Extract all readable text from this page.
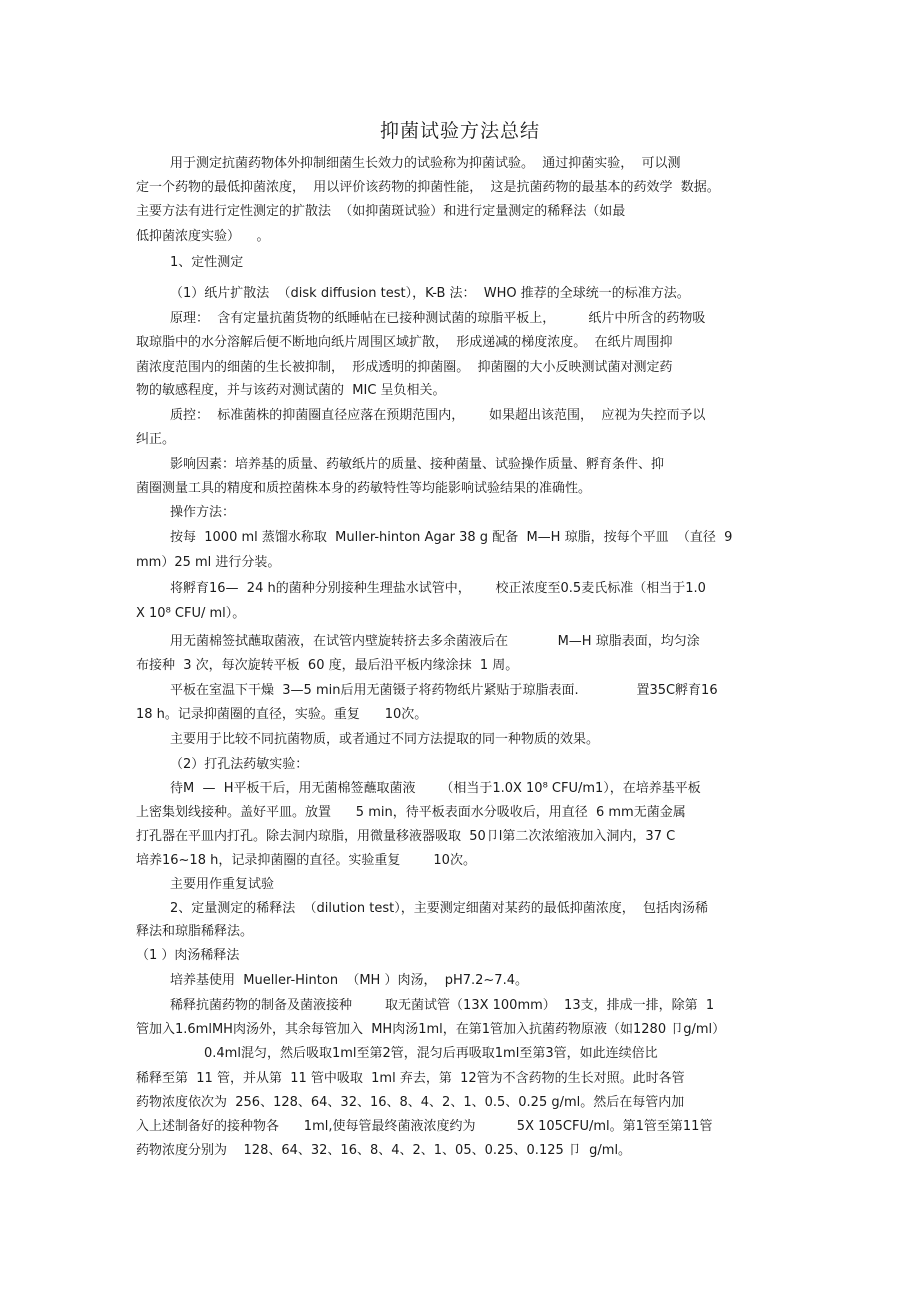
抑菌试验方法总结
用于测定抗菌药物体外抑制细菌生长效力的试验称为抑菌试验。  通过抑菌实验，  可以测
定一个药物的最低抑菌浓度，  用以评价该药物的抑菌性能，  这是抗菌药物的最基本的药效学  数据。
主要方法有进行定性测定的扩散法  （如抑菌斑试验）和进行定量测定的稀释法（如最
低抑菌浓度实验）    。
1、定性测定
（1）纸片扩散法  （disk diffusion test），K-B 法：  WHO 推荐的全球统一的标准方法。
原理：  含有定量抗菌货物的纸睡帖在已接种测试菌的琼脂平板上，        纸片中所含的药物吸
取琼脂中的水分溶解后便不断地向纸片周围区域扩散，  形成递减的梯度浓度。  在纸片周围抑
菌浓度范围内的细菌的生长被抑制，  形成透明的抑菌圈。  抑菌圈的大小反映测试菌对测定药
物的敏感程度，并与该药对测试菌的  MIC 呈负相关。
质控：  标准菌株的抑菌圈直径应落在预期范围内，      如果超出该范围，  应视为失控而予以
纠正。
影响因素：培养基的质量、药敏纸片的质量、接种菌量、试验操作质量、孵育条件、抑
菌圈测量工具的精度和质控菌株本身的药敏特性等均能影响试验结果的准确性。
操作方法：
按每  1000 ml 蒸馏水称取  Muller-hinton Agar 38 g 配备  M—H 琼脂，按每个平皿  （直径  9
mm）25 ml 进行分装。
将孵育16—  24 h的菌种分别接种生理盐水试管中，      校正浓度至0.5麦氏标准（相当于1.0
X 10⁸ CFU/ ml）。
用无菌棉签拭蘸取菌液，在试管内壁旋转挤去多余菌液后在            M—H 琼脂表面，均匀涂
布接种  3 次，每次旋转平板  60 度，最后沿平板内缘涂抹  1 周。
平板在室温下干燥  3—5 min后用无菌镊子将药物纸片紧贴于琼脂表面.              置35C孵育16
18 h。记录抑菌圈的直径，实验。重复      10次。
主要用于比较不同抗菌物质，或者通过不同方法提取的同一种物质的效果。
（2）打孔法药敏实验：
待M  —  H平板干后，用无菌棉签蘸取菌液      （相当于1.0X 10⁸ CFU/m1），在培养基平板
上密集划线接种。盖好平皿。放置      5 min，待平板表面水分吸收后，用直径  6 mm无菌金属
打孔器在平皿内打孔。除去洞内琼脂，用微量移液器吸取  50卩l第二次浓缩液加入洞内，37 C
培养16~18 h，记录抑菌圈的直径。实验重复        10次。
主要用作重复试验
2、定量测定的稀释法  （dilution test），主要测定细菌对某药的最低抑菌浓度，  包括肉汤稀
释法和琼脂稀释法。
（1 ）肉汤稀释法
培养基使用  Mueller-Hinton  （MH ）肉汤，  pH7.2~7.4。
稀释抗菌药物的制备及菌液接种        取无菌试管（13X 100mm）  13支，排成一排，除第  1
管加入1.6mlMH肉汤外，其余每管加入  MH肉汤1ml，在第1管加入抗菌药物原液（如1280 卩g/ml）
0.4ml混匀，然后吸取1ml至第2管，混匀后再吸取1ml至第3管，如此连续倍比
稀释至第  11 管，并从第  11 管中吸取  1ml 弃去，第  12管为不含药物的生长对照。此时各管
药物浓度依次为  256、128、64、32、16、8、4、2、1、0.5、0.25 g/ml。然后在每管内加
入上述制备好的接种物各      1ml,使每管最终菌液浓度约为          5X 105CFU/ml。第1管至第11管
药物浓度分别为    128、64、32、16、8、4、2、1、05、0.25、0.125 卩  g/ml。
